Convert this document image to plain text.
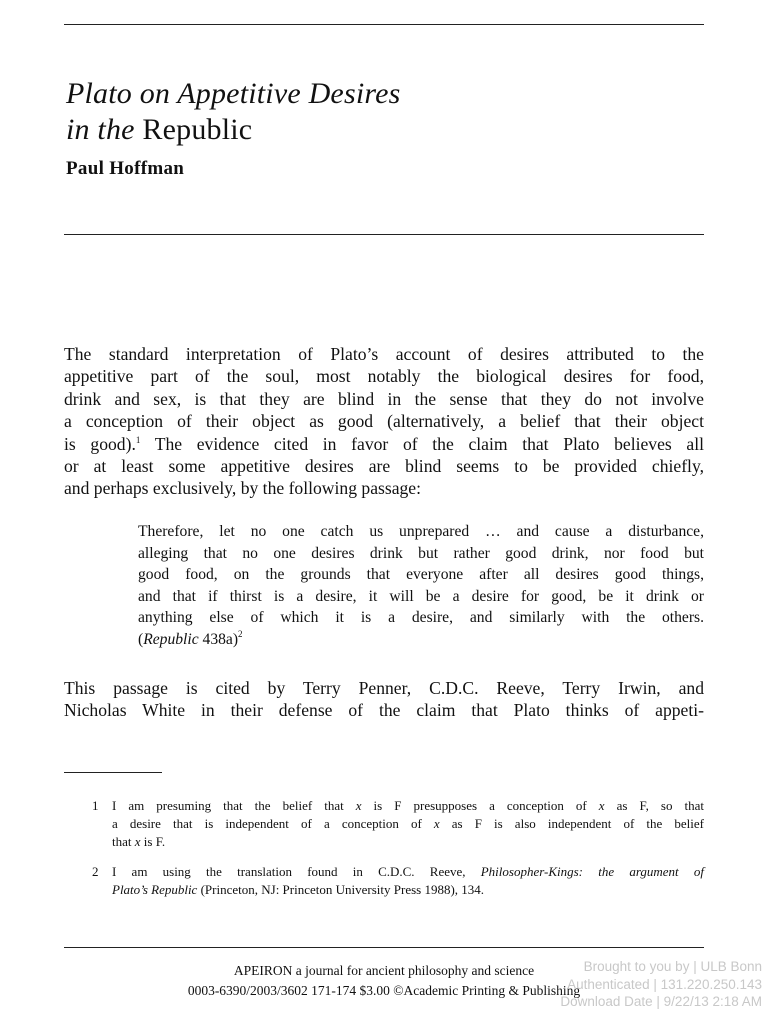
Plato on Appetitive Desires
in the Republic

Paul Hoffman

The standard interpretation of Plato’s account of desires attributed to the
appetitive part of the soul, most notably the biological desires for food,
drink and sex, is that they are blind in the sense that they do not involve
a conception of their object as good (alternatively, a belief that their object
is good).$^1$ The evidence cited in favor of the claim that Plato believes all
or at least some appetitive desires are blind seems to be provided chiefly,
and perhaps exclusively, by the following passage:
Therefore, let no one catch us unprepared … and cause a disturbance,
alleging that no one desires drink but rather good drink, nor food but
good food, on the grounds that everyone after all desires good things,
and that if thirst is a desire, it will be a desire for good, be it drink or
anything else of which it is a desire, and similarly with the others.
(Republic 438a)$^2$
This passage is cited by Terry Penner, C.D.C. Reeve, Terry Irwin, and
Nicholas White in their defense of the claim that Plato thinks of appeti-
1 I am presuming that the belief that x is F presupposes a conception of x as F, so that
a desire that is independent of a conception of x as F is also independent of the belief
that x is F.
2 I am using the translation found in C.D.C. Reeve, Philosopher-Kings: the argument of
Plato’s Republic (Princeton, NJ: Princeton University Press 1988), 134.

APEIRON a journal for ancient philosophy and science

0003-6390/2003/3602 171-174 $3.00 ©Academic Printing & Publishing

Brought to you by | ULB Bonn
Authenticated | 131.220.250.143
Download Date | 9/22/13 2:18 AM
